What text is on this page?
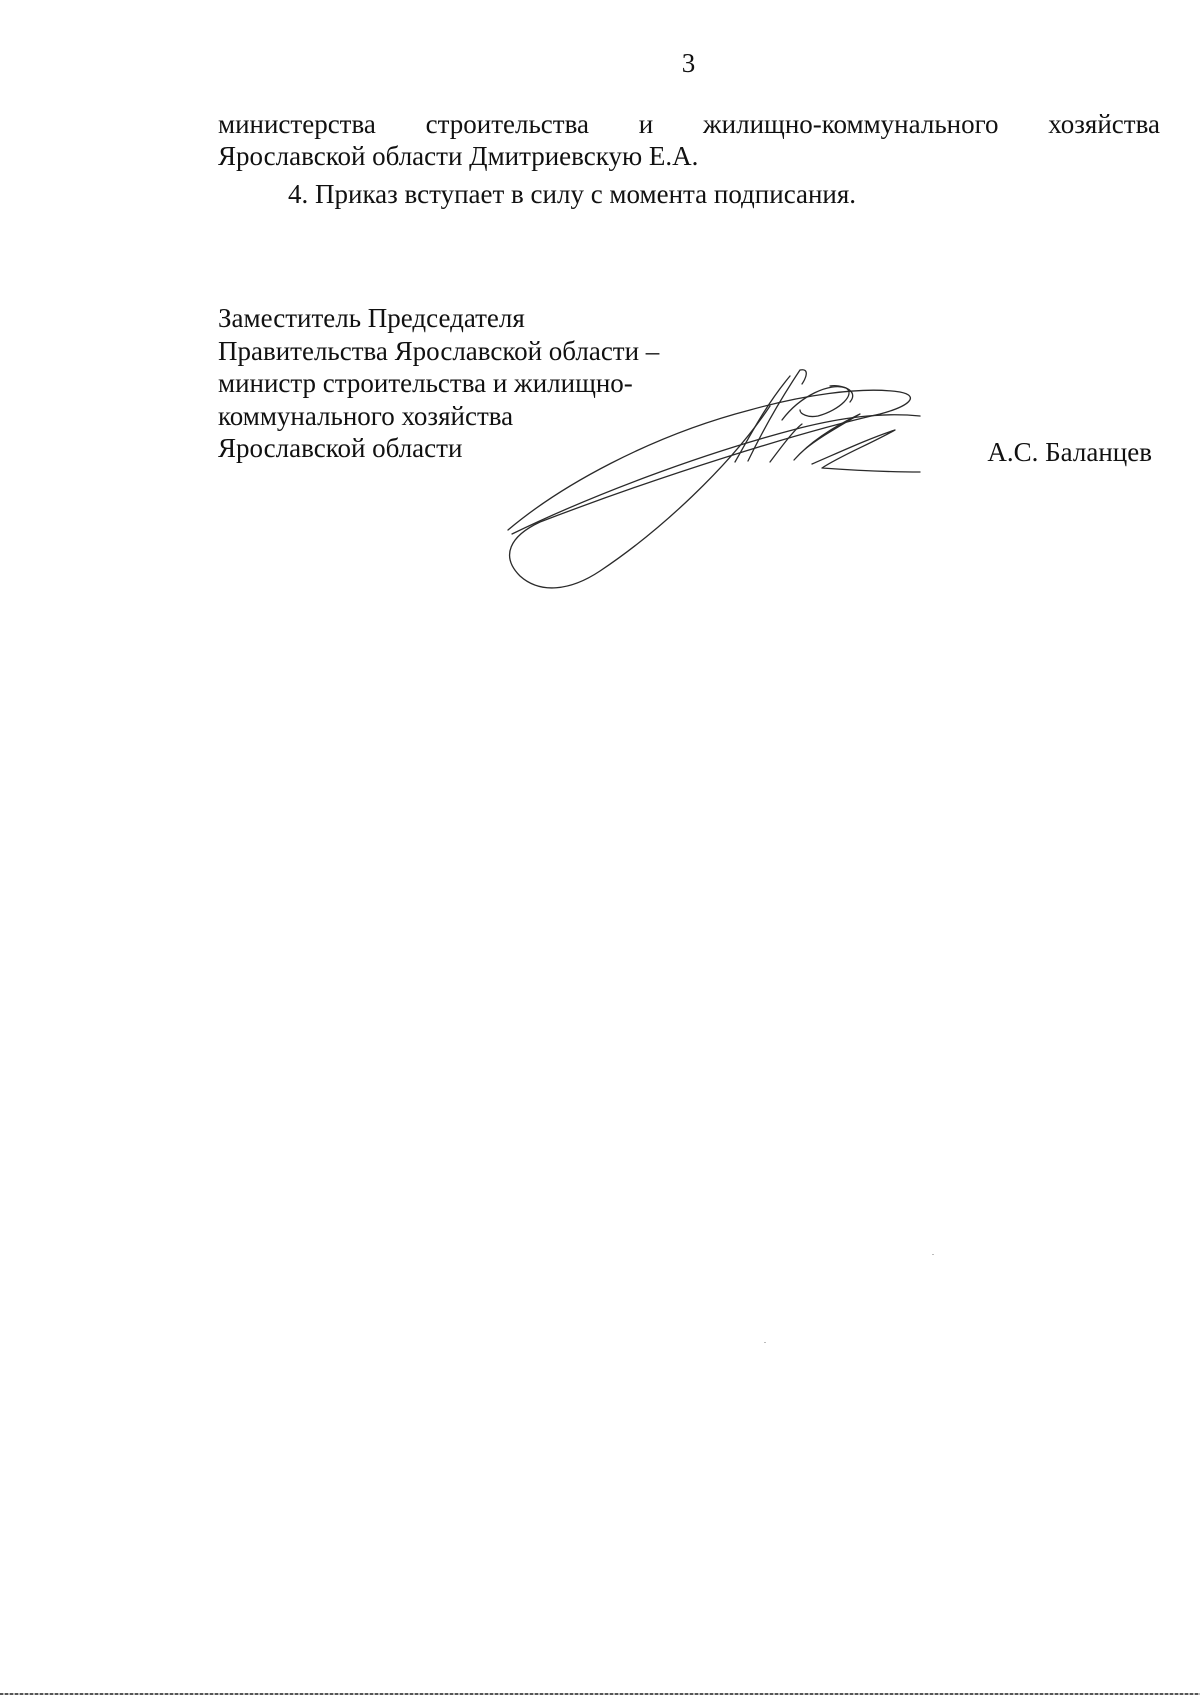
3
министерства строительства и жилищно-коммунального хозяйства
Ярославской области Дмитриевскую Е.А.
4. Приказ вступает в силу с момента подписания.
Заместитель Председателя
Правительства Ярославской области –
министр строительства и жилищно-
коммунального хозяйства
Ярославской области	А.С. Баланцев
